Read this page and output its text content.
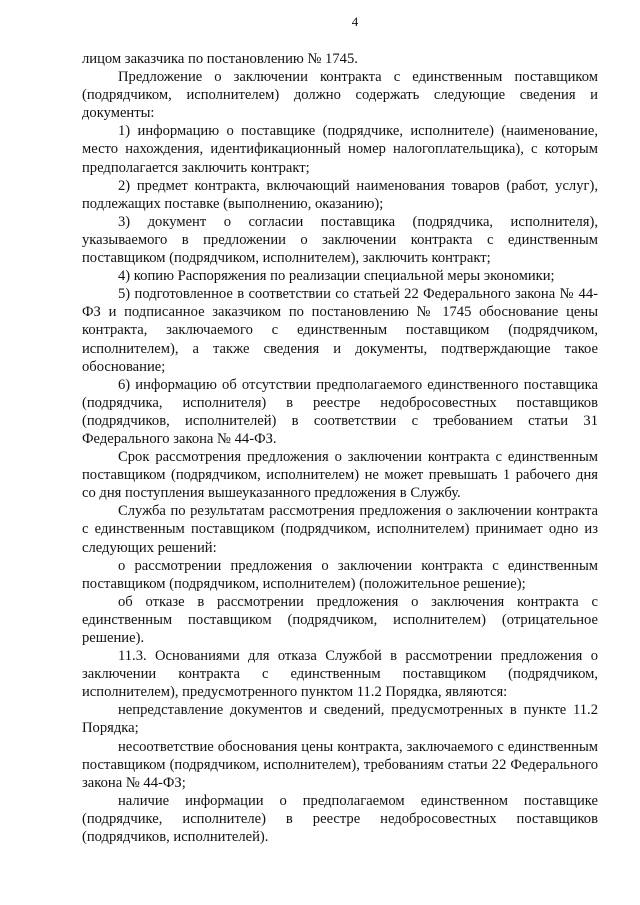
4

лицом заказчика по постановлению № 1745.

Предложение о заключении контракта с единственным поставщиком (подрядчиком, исполнителем) должно содержать следующие сведения и документы:

1) информацию о поставщике (подрядчике, исполнителе) (наименование, место нахождения, идентификационный номер налогоплательщика), с которым предполагается заключить контракт;

2) предмет контракта, включающий наименования товаров (работ, услуг), подлежащих поставке (выполнению, оказанию);

3) документ о согласии поставщика (подрядчика, исполнителя), указываемого в предложении о заключении контракта с единственным поставщиком (подрядчиком, исполнителем), заключить контракт;

4) копию Распоряжения по реализации специальной меры экономики;

5) подготовленное в соответствии со статьей 22 Федерального закона № 44-ФЗ и подписанное заказчиком по постановлению № 1745 обоснование цены контракта, заключаемого с единственным поставщиком (подрядчиком, исполнителем), а также сведения и документы, подтверждающие такое обоснование;

6) информацию об отсутствии предполагаемого единственного поставщика (подрядчика, исполнителя) в реестре недобросовестных поставщиков (подрядчиков, исполнителей) в соответствии с требованием статьи 31 Федерального закона № 44-ФЗ.

Срок рассмотрения предложения о заключении контракта с единственным поставщиком (подрядчиком, исполнителем) не может превышать 1 рабочего дня со дня поступления вышеуказанного предложения в Службу.

Служба по результатам рассмотрения предложения о заключении контракта с единственным поставщиком (подрядчиком, исполнителем) принимает одно из следующих решений:

о рассмотрении предложения о заключении контракта с единственным поставщиком (подрядчиком, исполнителем) (положительное решение);

об отказе в рассмотрении предложения о заключения контракта с единственным поставщиком (подрядчиком, исполнителем) (отрицательное решение).

11.3. Основаниями для отказа Службой в рассмотрении предложения о заключении контракта с единственным поставщиком (подрядчиком, исполнителем), предусмотренного пунктом 11.2 Порядка, являются:

непредставление документов и сведений, предусмотренных в пункте 11.2 Порядка;

несоответствие обоснования цены контракта, заключаемого с единственным поставщиком (подрядчиком, исполнителем), требованиям статьи 22 Федерального закона № 44-ФЗ;

наличие информации о предполагаемом единственном поставщике (подрядчике, исполнителе) в реестре недобросовестных поставщиков (подрядчиков, исполнителей).
